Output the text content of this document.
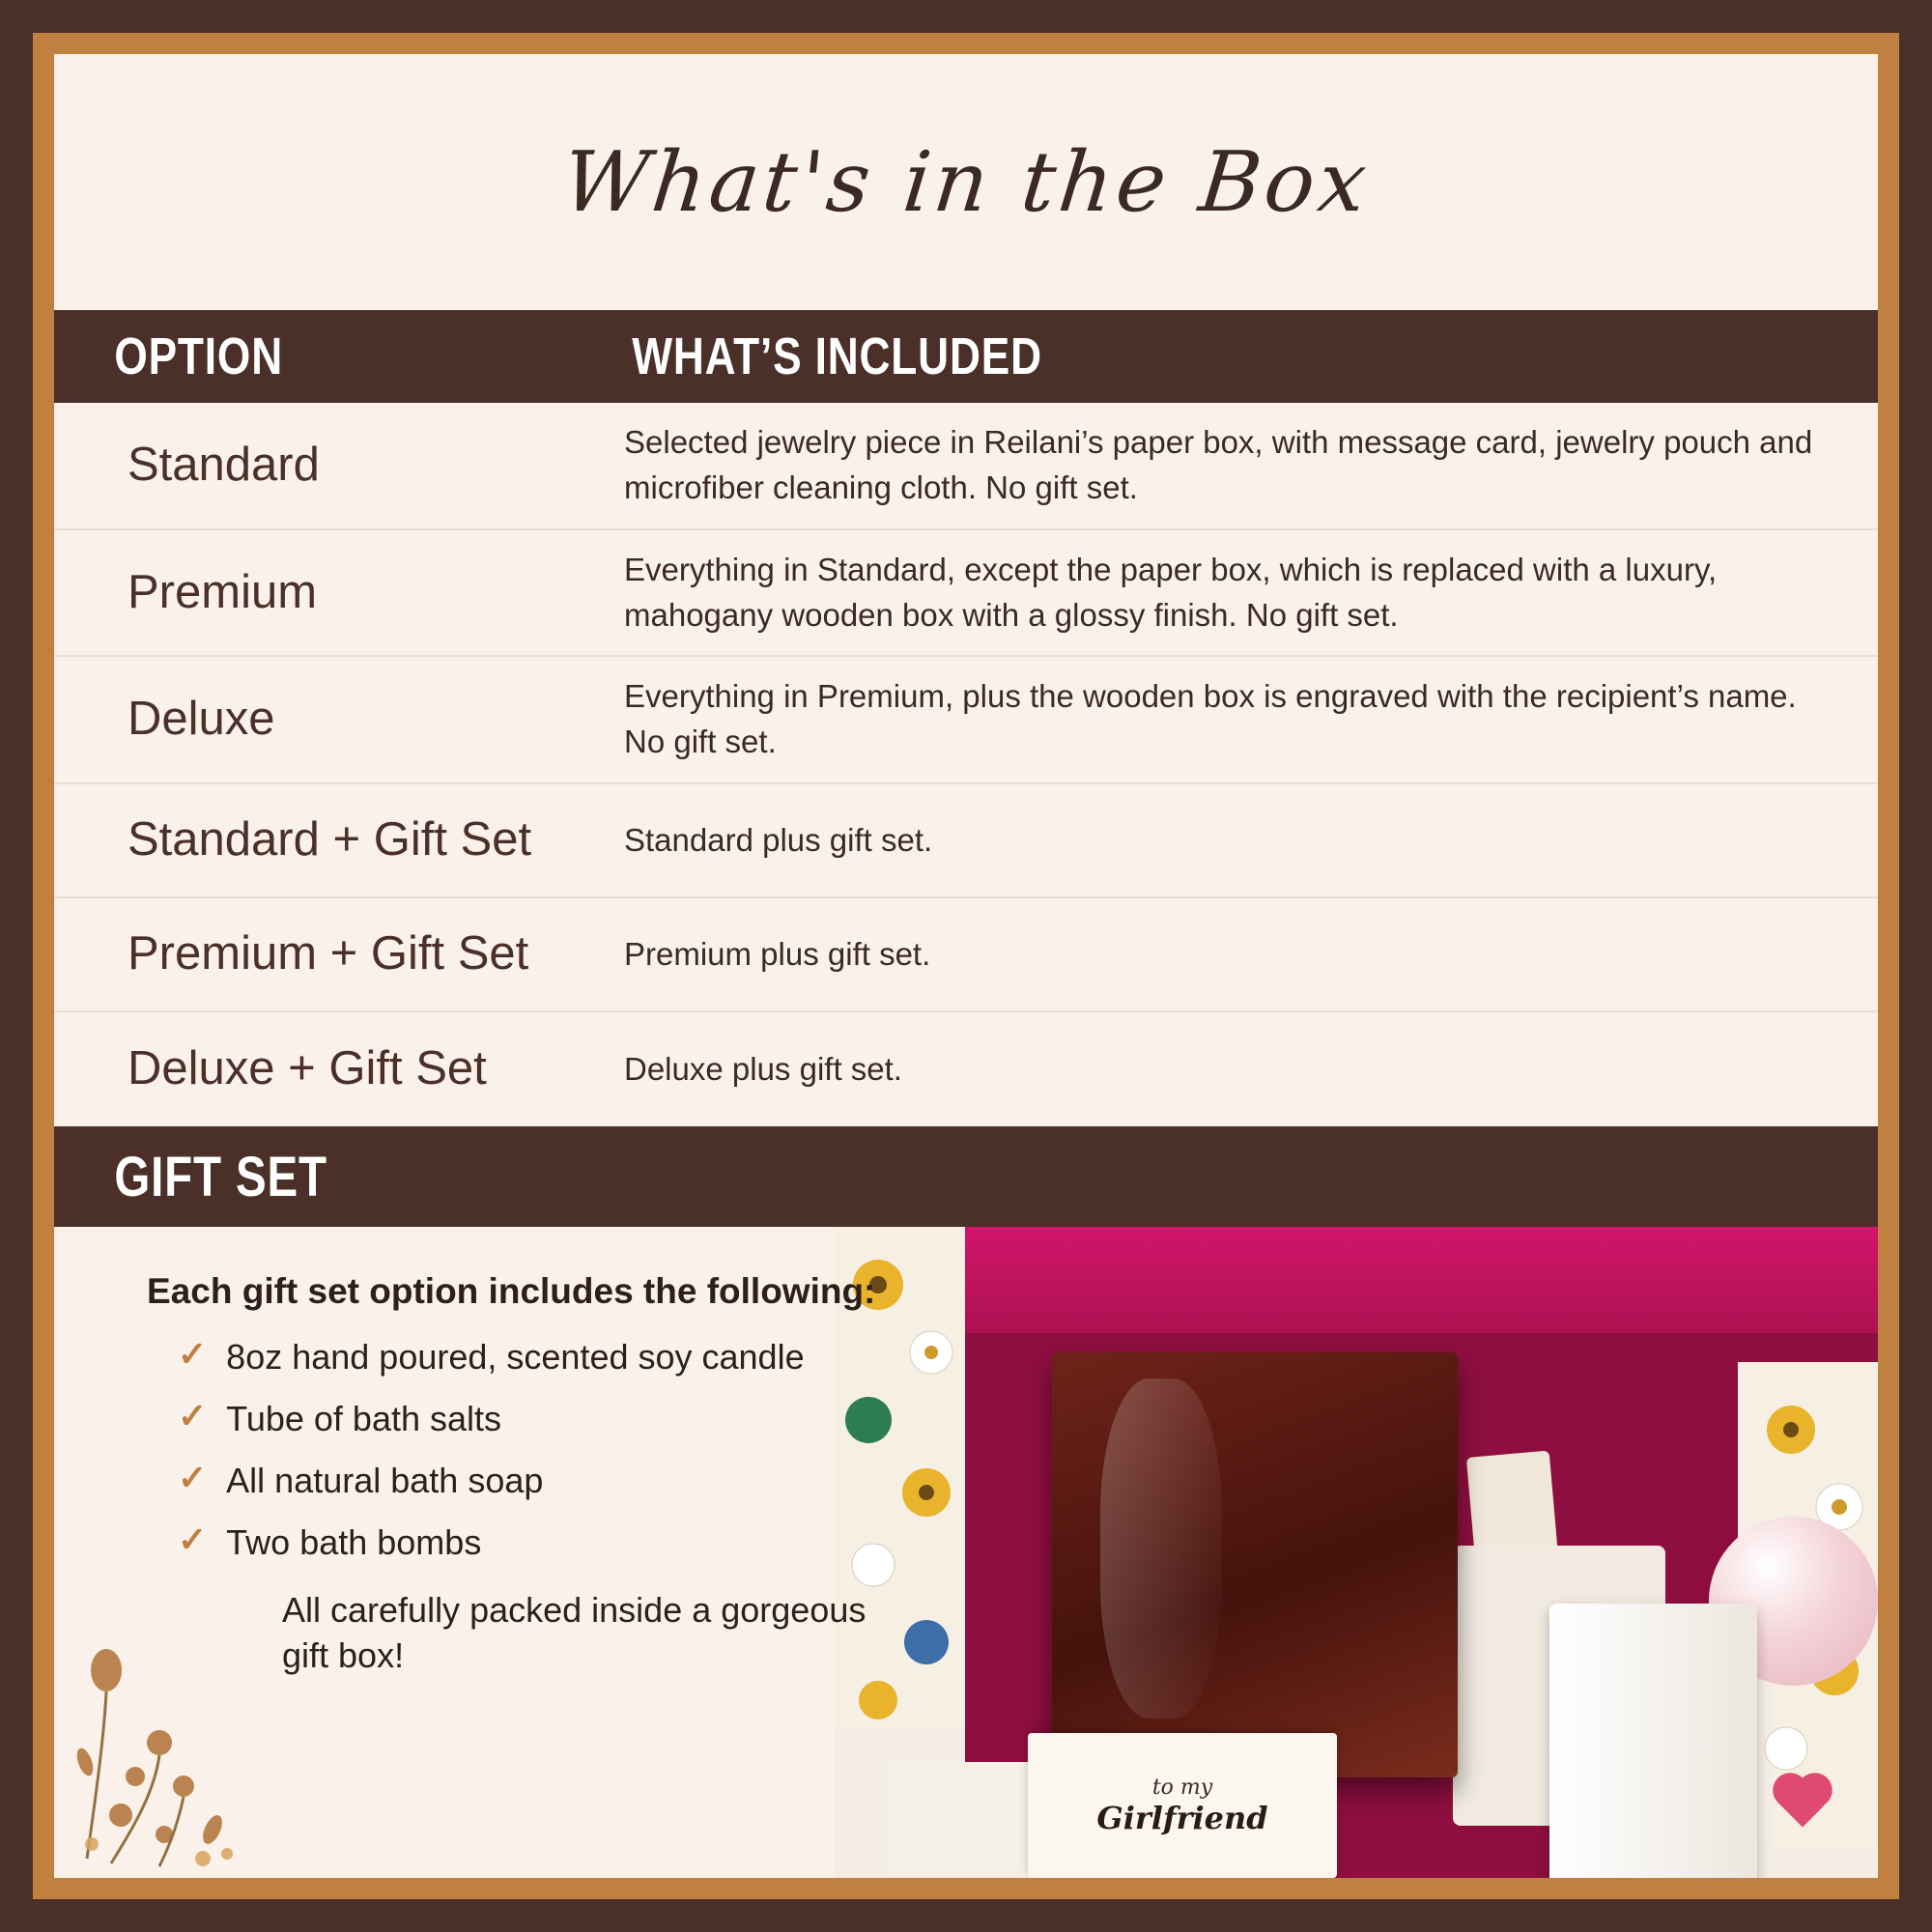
What's in the Box
OPTION	WHAT’S INCLUDED
Standard	Selected jewelry piece in Reilani’s paper box, with message card, jewelry pouch and microfiber cleaning cloth. No gift set.
Premium	Everything in Standard, except the paper box, which is replaced with a luxury, mahogany wooden box with a glossy finish. No gift set.
Deluxe	Everything in Premium, plus the wooden box is engraved with the recipient’s name. No gift set.
Standard + Gift Set	Standard plus gift set.
Premium + Gift Set	Premium plus gift set.
Deluxe + Gift Set	Deluxe plus gift set.
GIFT SET
Each gift set option includes the following:
✓ 8oz hand poured, scented soy candle
✓ Tube of bath salts
✓ All natural bath soap
✓ Two bath bombs
All carefully packed inside a gorgeous gift box!
to my
Girlfriend
